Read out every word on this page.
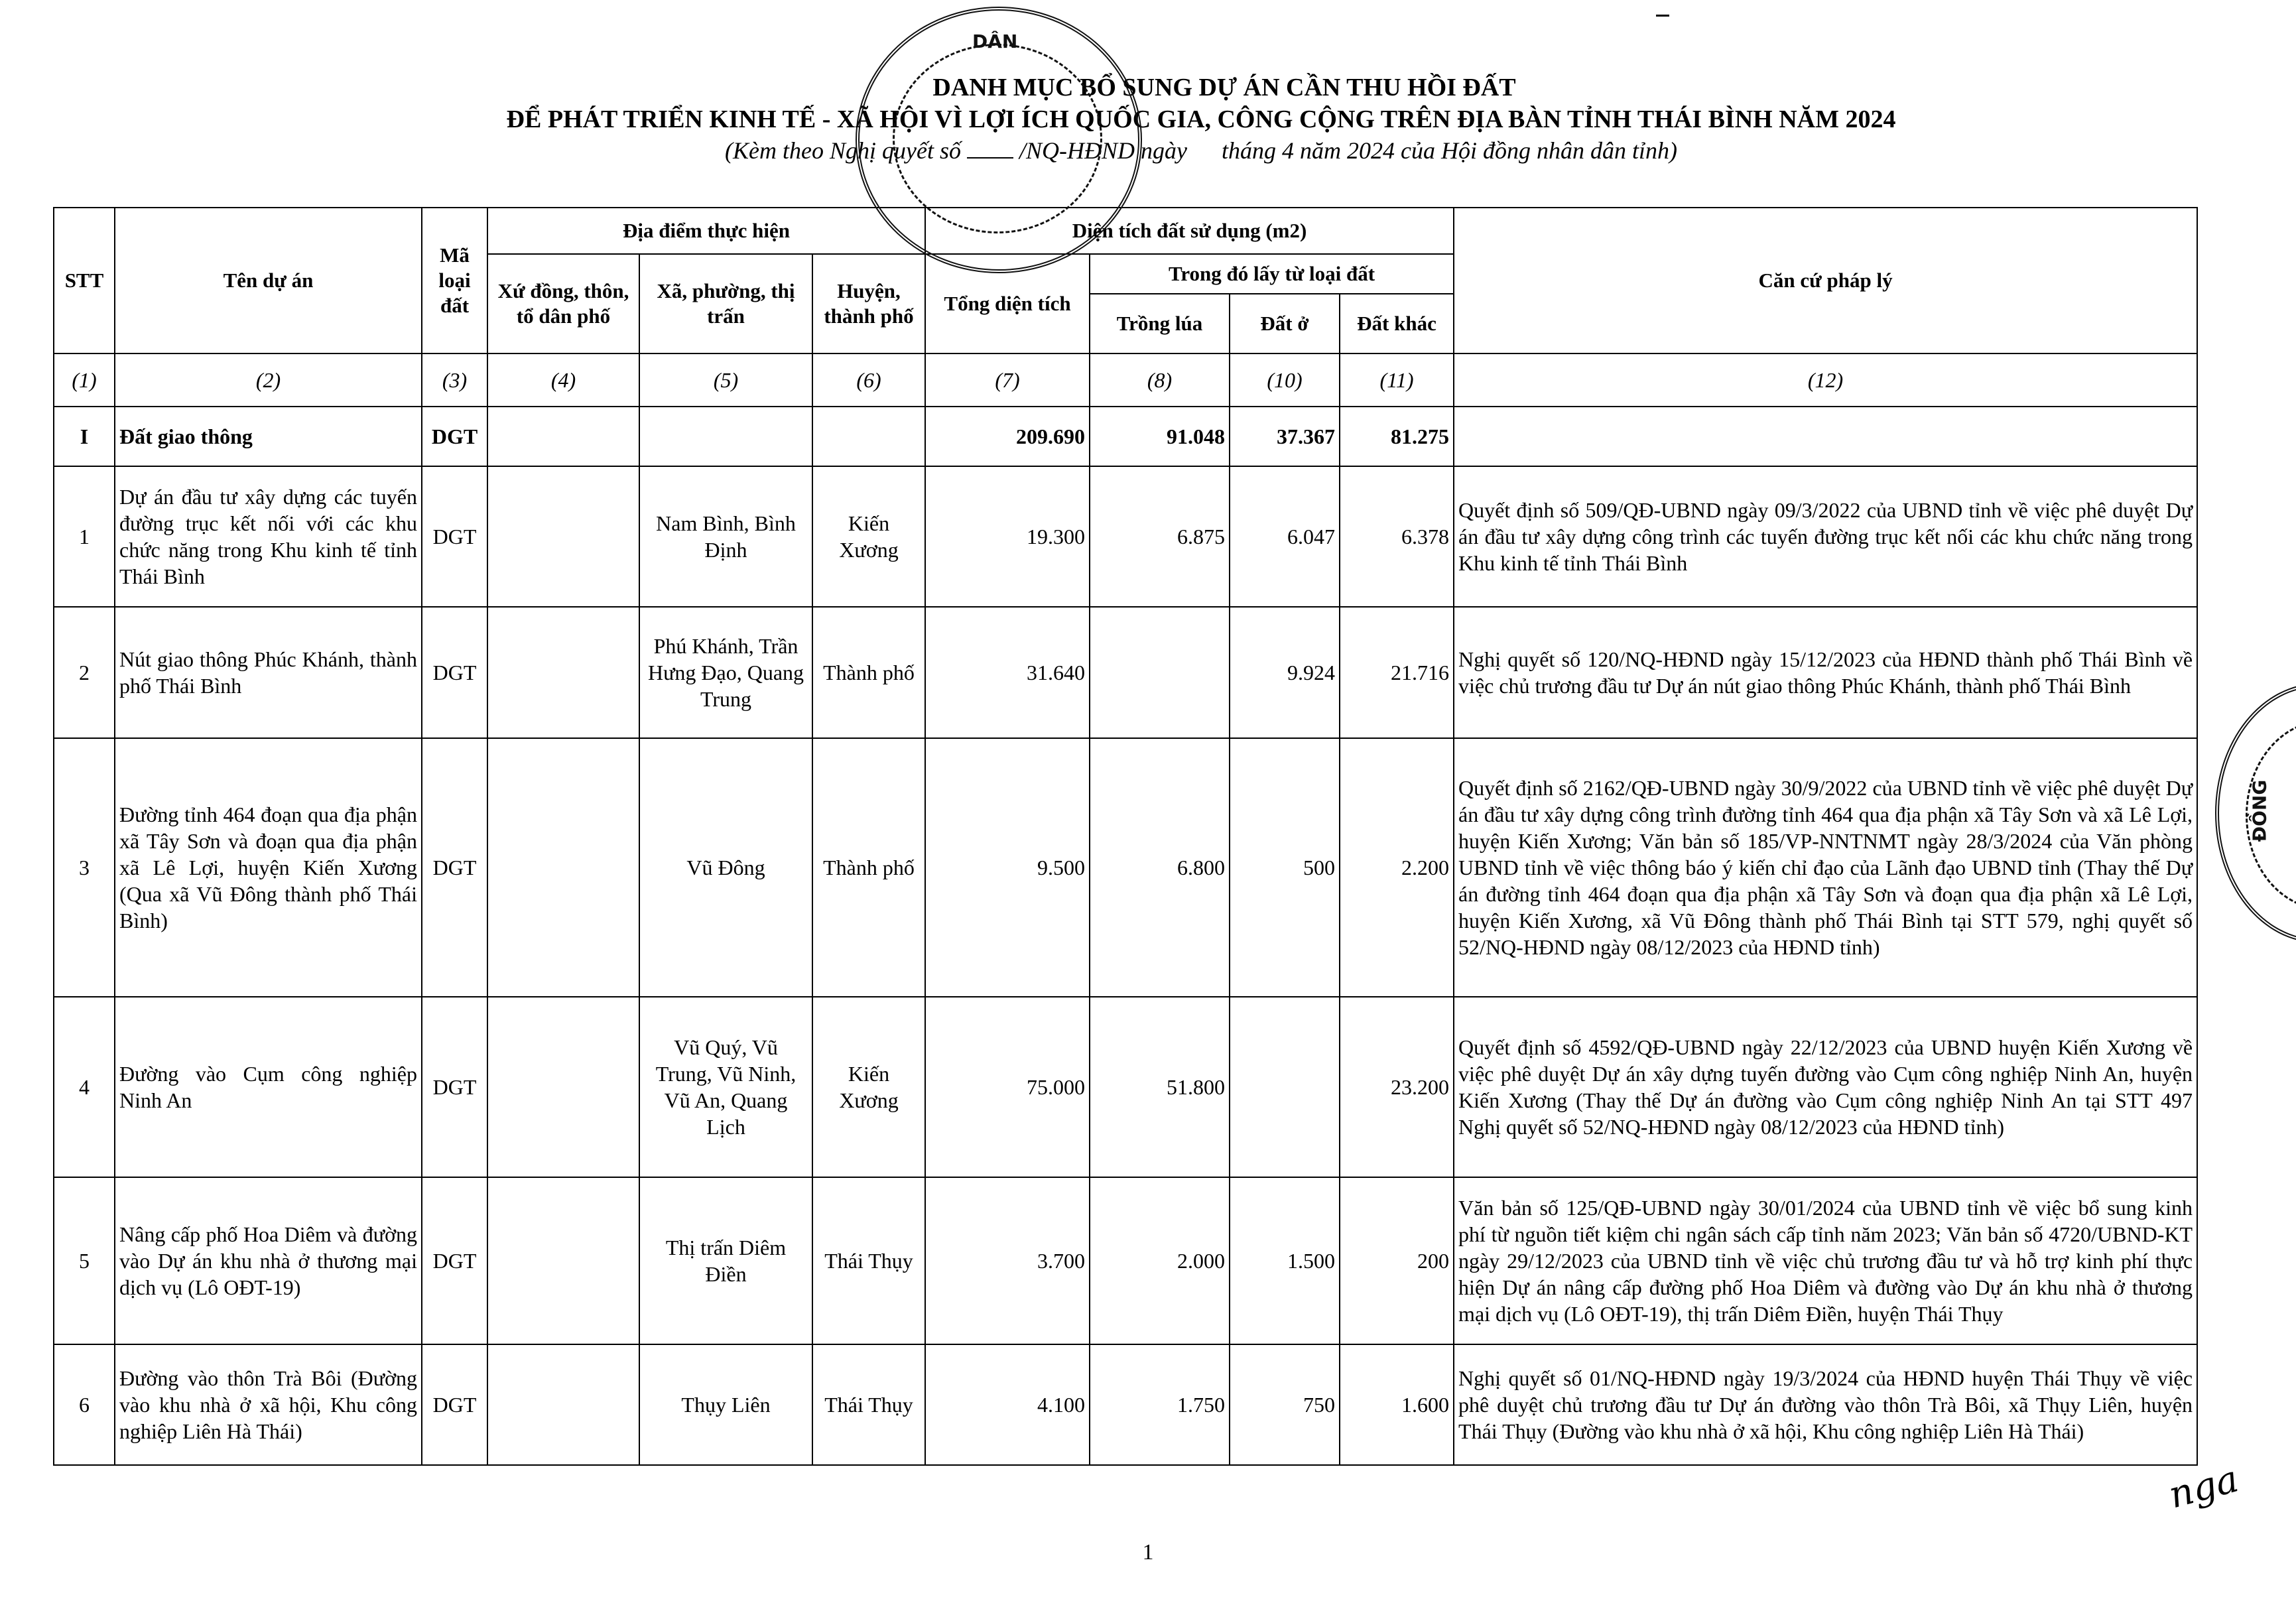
DANH MỤC BỔ SUNG DỰ ÁN CẦN THU HỒI ĐẤT
ĐỂ PHÁT TRIỂN KINH TẾ - XÃ HỘI VÌ LỢI ÍCH QUỐC GIA, CÔNG CỘNG TRÊN ĐỊA BÀN TỈNH THÁI BÌNH NĂM 2024
(Kèm theo Nghị quyết số /NQ-HĐND ngày tháng 4 năm 2024 của Hội đồng nhân dân tỉnh)
STT	Tên dự án	Mã loại đất	Địa điểm thực hiện			Diện tích đất sử dụng (m2)				Căn cứ pháp lý
			Xứ đồng, thôn, tổ dân phố	Xã, phường, thị trấn	Huyện, thành phố	Tổng diện tích	Trong đó lấy từ loại đất			
							Trồng lúa	Đất ở	Đất khác	
(1)	(2)	(3)	(4)	(5)	(6)	(7)	(8)	(10)	(11)	(12)
I	Đất giao thông	DGT				209.690	91.048	37.367	81.275	
1	Dự án đầu tư xây dựng các tuyến đường trục kết nối với các khu chức năng trong Khu kinh tế tỉnh Thái Bình	DGT		Nam Bình, Bình Định	Kiến Xương	19.300	6.875	6.047	6.378	Quyết định số 509/QĐ-UBND ngày 09/3/2022 của UBND tỉnh về việc phê duyệt Dự án đầu tư xây dựng công trình các tuyến đường trục kết nối các khu chức năng trong Khu kinh tế tỉnh Thái Bình
2	Nút giao thông Phúc Khánh, thành phố Thái Bình	DGT		Phú Khánh, Trần Hưng Đạo, Quang Trung	Thành phố	31.640		9.924	21.716	Nghị quyết số 120/NQ-HĐND ngày 15/12/2023 của HĐND thành phố Thái Bình về việc chủ trương đầu tư Dự án nút giao thông Phúc Khánh, thành phố Thái Bình
3	Đường tỉnh 464 đoạn qua địa phận xã Tây Sơn và đoạn qua địa phận xã Lê Lợi, huyện Kiến Xương (Qua xã Vũ Đông thành phố Thái Bình)	DGT		Vũ Đông	Thành phố	9.500	6.800	500	2.200	Quyết định số 2162/QĐ-UBND ngày 30/9/2022 của UBND tỉnh về việc phê duyệt Dự án đầu tư xây dựng công trình đường tỉnh 464 qua địa phận xã Tây Sơn và xã Lê Lợi, huyện Kiến Xương; Văn bản số 185/VP-NNTNMT ngày 28/3/2024 của Văn phòng UBND tỉnh về việc thông báo ý kiến chỉ đạo của Lãnh đạo UBND tỉnh (Thay thế Dự án đường tỉnh 464 đoạn qua địa phận xã Tây Sơn và đoạn qua địa phận xã Lê Lợi, huyện Kiến Xương, xã Vũ Đông thành phố Thái Bình tại STT 579, nghị quyết số 52/NQ-HĐND ngày 08/12/2023 của HĐND tỉnh)
4	Đường vào Cụm công nghiệp Ninh An	DGT		Vũ Quý, Vũ Trung, Vũ Ninh, Vũ An, Quang Lịch	Kiến Xương	75.000	51.800		23.200	Quyết định số 4592/QĐ-UBND ngày 22/12/2023 của UBND huyện Kiến Xương về việc phê duyệt Dự án xây dựng tuyến đường vào Cụm công nghiệp Ninh An, huyện Kiến Xương (Thay thế Dự án đường vào Cụm công nghiệp Ninh An tại STT 497 Nghị quyết số 52/NQ-HĐND ngày 08/12/2023 của HĐND tỉnh)
5	Nâng cấp phố Hoa Diêm và đường vào Dự án khu nhà ở thương mại dịch vụ (Lô OĐT-19)	DGT		Thị trấn Diêm Điền	Thái Thụy	3.700	2.000	1.500	200	Văn bản số 125/QĐ-UBND ngày 30/01/2024 của UBND tỉnh về việc bổ sung kinh phí từ nguồn tiết kiệm chi ngân sách cấp tỉnh năm 2023; Văn bản số 4720/UBND-KT ngày 29/12/2023 của UBND tỉnh về việc chủ trương đầu tư và hỗ trợ kinh phí thực hiện Dự án nâng cấp đường phố Hoa Diêm và đường vào Dự án khu nhà ở thương mại dịch vụ (Lô OĐT-19), thị trấn Diêm Điền, huyện Thái Thụy
6	Đường vào thôn Trà Bôi (Đường vào khu nhà ở xã hội, Khu công nghiệp Liên Hà Thái)	DGT		Thụy Liên	Thái Thụy	4.100	1.750	750	1.600	Nghị quyết số 01/NQ-HĐND ngày 19/3/2024 của HĐND huyện Thái Thụy về việc phê duyệt chủ trương đầu tư Dự án đường vào thôn Trà Bôi, xã Thụy Liên, huyện Thái Thụy (Đường vào khu nhà ở xã hội, Khu công nghiệp Liên Hà Thái)
DÂN
ĐỒNG
1
nga
